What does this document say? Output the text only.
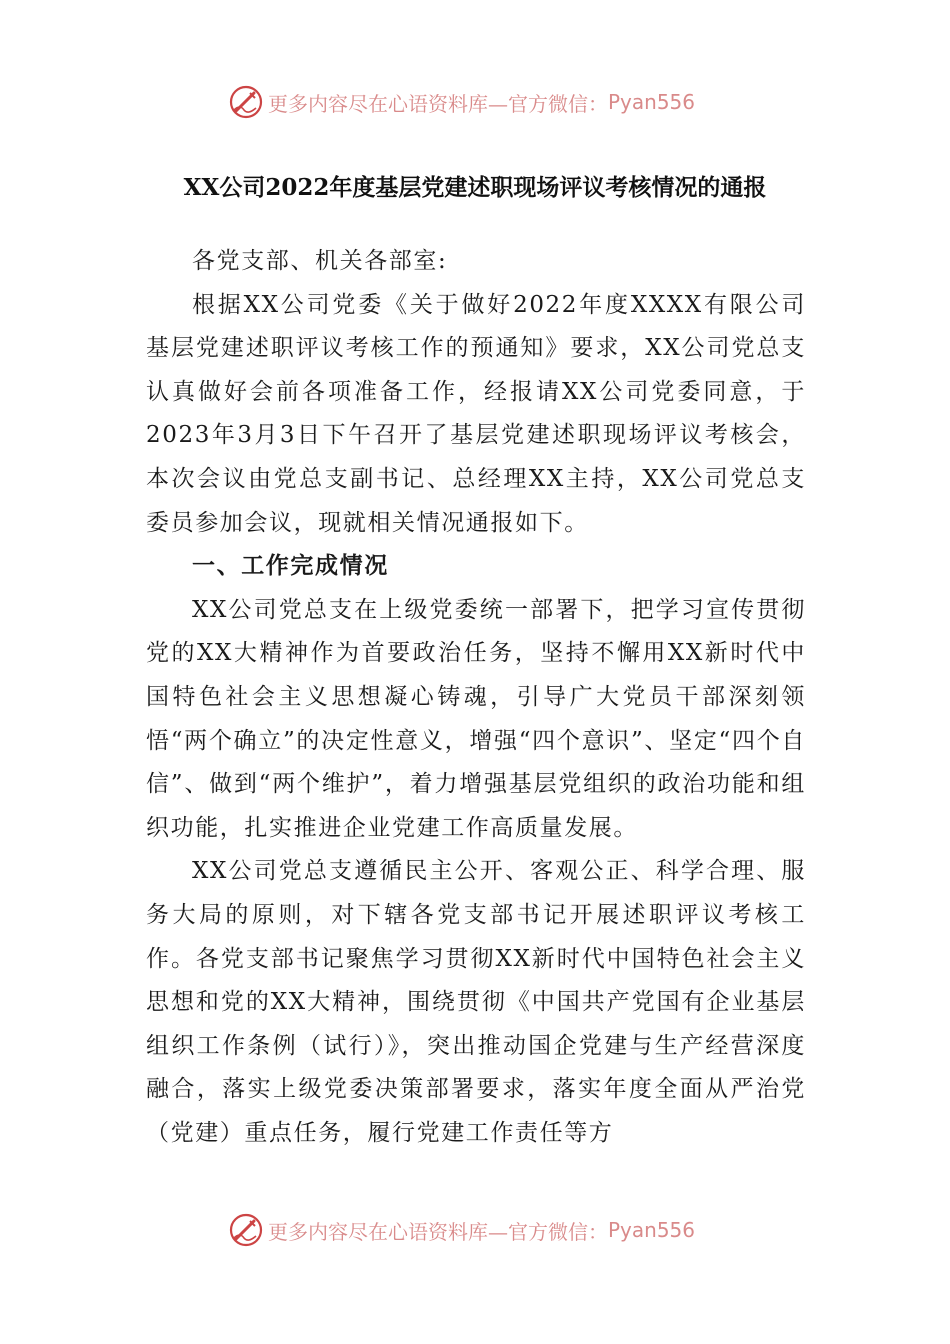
更多内容尽在心语资料库—官方微信： Pyan556
XX公司2022年度基层党建述职现场评议考核情况的通报

各党支部、机关各部室:

根据XX公司党委《关于做好2022年度XXXX有限公司基层党建述职评议考核工作的预通知》要求，XX公司党总支认真做好会前各项准备工作，经报请XX公司党委同意，于2023年3月3日下午召开了基层党建述职现场评议考核会，本次会议由党总支副书记、总经理XX主持，XX公司党总支委员参加会议，现就相关情况通报如下。

一、工作完成情况

XX公司党总支在上级党委统一部署下，把学习宣传贯彻党的XX大精神作为首要政治任务，坚持不懈用XX新时代中国特色社会主义思想凝心铸魂，引导广大党员干部深刻领悟“两个确立”的决定性意义，增强“四个意识”、坚定“四个自信”、做到“两个维护”，着力增强基层党组织的政治功能和组织功能，扎实推进企业党建工作高质量发展。

XX公司党总支遵循民主公开、客观公正、科学合理、服务大局的原则，对下辖各党支部书记开展述职评议考核工作。各党支部书记聚焦学习贯彻XX新时代中国特色社会主义思想和党的XX大精神，围绕贯彻《中国共产党国有企业基层组织工作条例（试行）》，突出推动国企党建与生产经营深度融合，落实上级党委决策部署要求，落实年度全面从严治党（党建）重点任务，履行党建工作责任等方

更多内容尽在心语资料库—官方微信： Pyan556
